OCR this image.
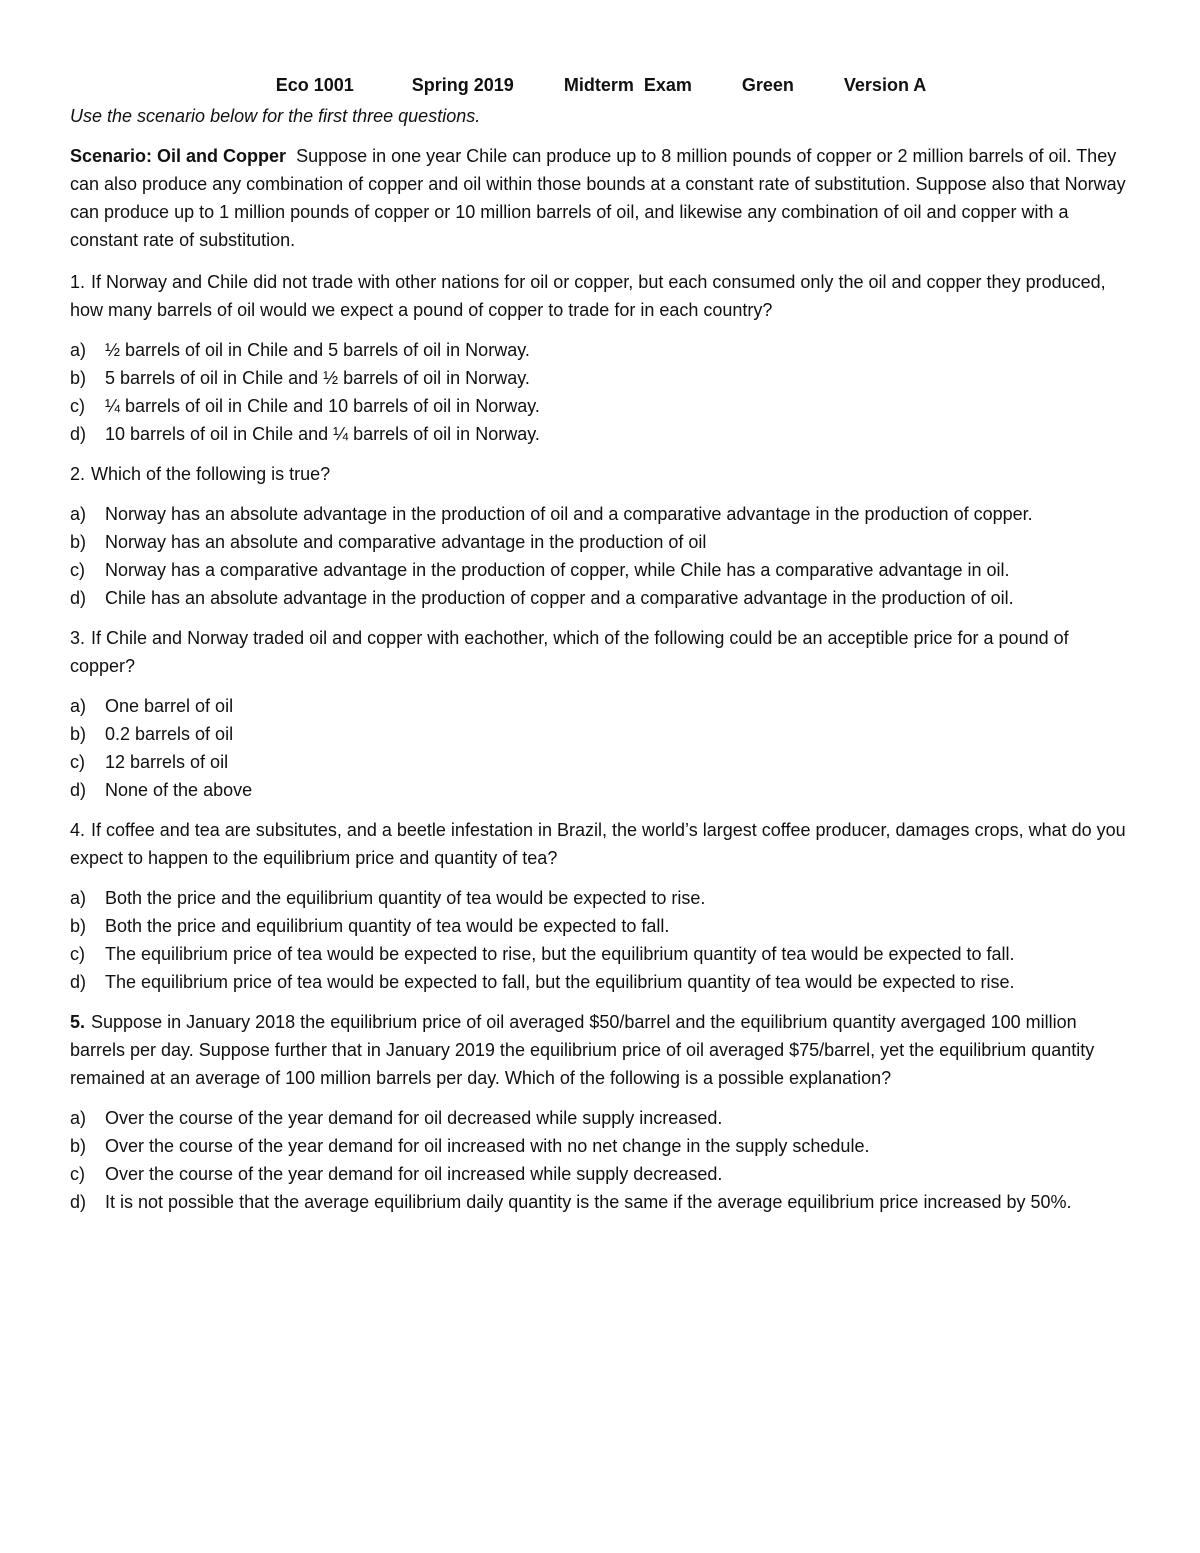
Eco 1001	Spring 2019	Midterm  Exam	Green	Version A
Use the scenario below for the first three questions.
Scenario: Oil and Copper Suppose in one year Chile can produce up to 8 million pounds of copper or 2 million barrels of oil. They can also produce any combination of copper and oil within those bounds at a constant rate of substitution. Suppose also that Norway can produce up to 1 million pounds of copper or 10 million barrels of oil, and likewise any combination of oil and copper with a constant rate of substitution.
1. If Norway and Chile did not trade with other nations for oil or copper, but each consumed only the oil and copper they produced, how many barrels of oil would we expect a pound of copper to trade for in each country?
a) ½ barrels of oil in Chile and 5 barrels of oil in Norway.
b) 5 barrels of oil in Chile and ½ barrels of oil in Norway.
c) ¼ barrels of oil in Chile and 10 barrels of oil in Norway.
d) 10 barrels of oil in Chile and ¼ barrels of oil in Norway.
2. Which of the following is true?
a) Norway has an absolute advantage in the production of oil and a comparative advantage in the production of copper.
b) Norway has an absolute and comparative advantage in the production of oil
c) Norway has a comparative advantage in the production of copper, while Chile has a comparative advantage in oil.
d) Chile has an absolute advantage in the production of copper and a comparative advantage in the production of oil.
3. If Chile and Norway traded oil and copper with eachother, which of the following could be an acceptible price for a pound of copper?
a) One barrel of oil
b) 0.2 barrels of oil
c) 12 barrels of oil
d) None of the above
4. If coffee and tea are subsitutes, and a beetle infestation in Brazil, the world’s largest coffee producer, damages crops, what do you expect to happen to the equilibrium price and quantity of tea?
a) Both the price and the equilibrium quantity of tea would be expected to rise.
b) Both the price and equilibrium quantity of tea would be expected to fall.
c) The equilibrium price of tea would be expected to rise, but the equilibrium quantity of tea would be expected to fall.
d) The equilibrium price of tea would be expected to fall, but the equilibrium quantity of tea would be expected to rise.
5. Suppose in January 2018 the equilibrium price of oil averaged $50/barrel and the equilibrium quantity avergaged 100 million barrels per day. Suppose further that in January 2019 the equilibrium price of oil averaged $75/barrel, yet the equilibrium quantity remained at an average of 100 million barrels per day. Which of the following is a possible explanation?
a) Over the course of the year demand for oil decreased while supply increased.
b) Over the course of the year demand for oil increased with no net change in the supply schedule.
c) Over the course of the year demand for oil increased while supply decreased.
d) It is not possible that the average equilibrium daily quantity is the same if the average equilibrium price increased by 50%.
